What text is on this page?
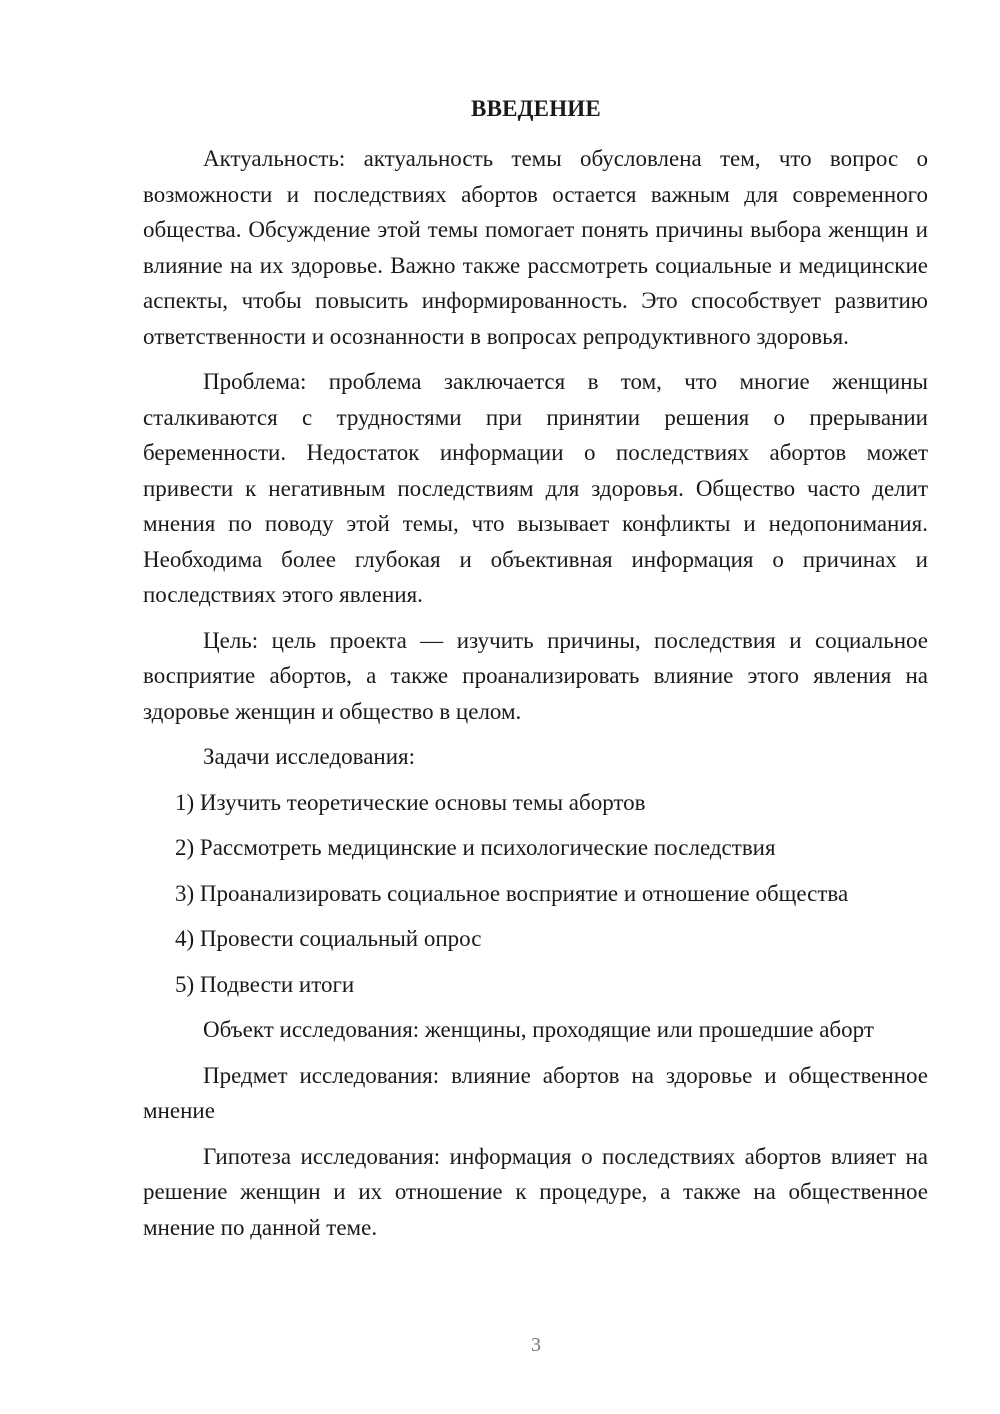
ВВЕДЕНИЕ

Актуальность: актуальность темы обусловлена тем, что вопрос о возможности и последствиях абортов остается важным для современного общества. Обсуждение этой темы помогает понять причины выбора женщин и влияние на их здоровье. Важно также рассмотреть социальные и медицинские аспекты, чтобы повысить информированность. Это способствует развитию ответственности и осознанности в вопросах репродуктивного здоровья.

Проблема: проблема заключается в том, что многие женщины сталкиваются с трудностями при принятии решения о прерывании беременности. Недостаток информации о последствиях абортов может привести к негативным последствиям для здоровья. Общество часто делит мнения по поводу этой темы, что вызывает конфликты и недопонимания. Необходима более глубокая и объективная информация о причинах и последствиях этого явления.

Цель: цель проекта — изучить причины, последствия и социальное восприятие абортов, а также проанализировать влияние этого явления на здоровье женщин и общество в целом.

Задачи исследования:

1) Изучить теоретические основы темы абортов
2) Рассмотреть медицинские и психологические последствия
3) Проанализировать социальное восприятие и отношение общества
4) Провести социальный опрос
5) Подвести итоги

Объект исследования: женщины, проходящие или прошедшие аборт

Предмет исследования: влияние абортов на здоровье и общественное мнение

Гипотеза исследования: информация о последствиях абортов влияет на решение женщин и их отношение к процедуре, а также на общественное мнение по данной теме.

3
